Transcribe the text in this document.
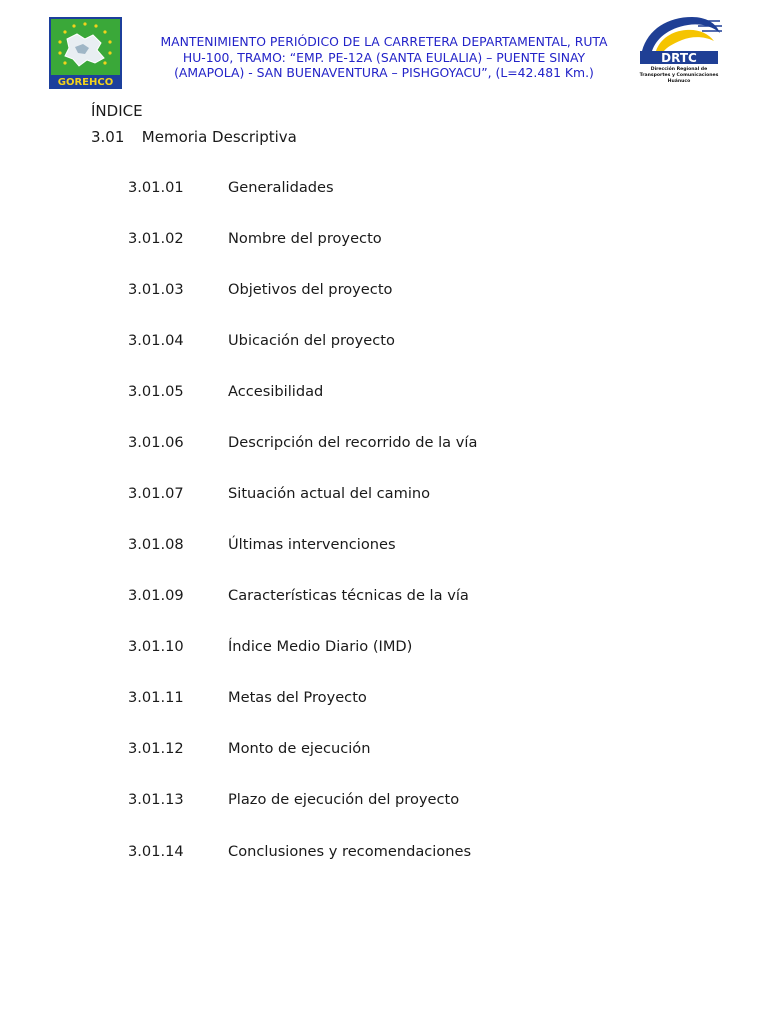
GOREHCO
MANTENIMIENTO PERIÓDICO DE LA CARRETERA DEPARTAMENTAL, RUTA
HU-100, TRAMO: “EMP. PE-12A (SANTA EULALIA) – PUENTE SINAY
(AMAPOLA) - SAN BUENAVENTURA – PISHGOYACU”, (L=42.481 Km.)
DRTC
Dirección Regional de
Transportes y Comunicaciones
Huánuco
ÍNDICE
3.01 Memoria Descriptiva
3.01.01	Generalidades
3.01.02	Nombre del proyecto
3.01.03	Objetivos del proyecto
3.01.04	Ubicación del proyecto
3.01.05	Accesibilidad
3.01.06	Descripción del recorrido de la vía
3.01.07	Situación actual del camino
3.01.08	Últimas intervenciones
3.01.09	Características técnicas de la vía
3.01.10	Índice Medio Diario (IMD)
3.01.11	Metas del Proyecto
3.01.12	Monto de ejecución
3.01.13	Plazo de ejecución del proyecto
3.01.14	Conclusiones y recomendaciones
